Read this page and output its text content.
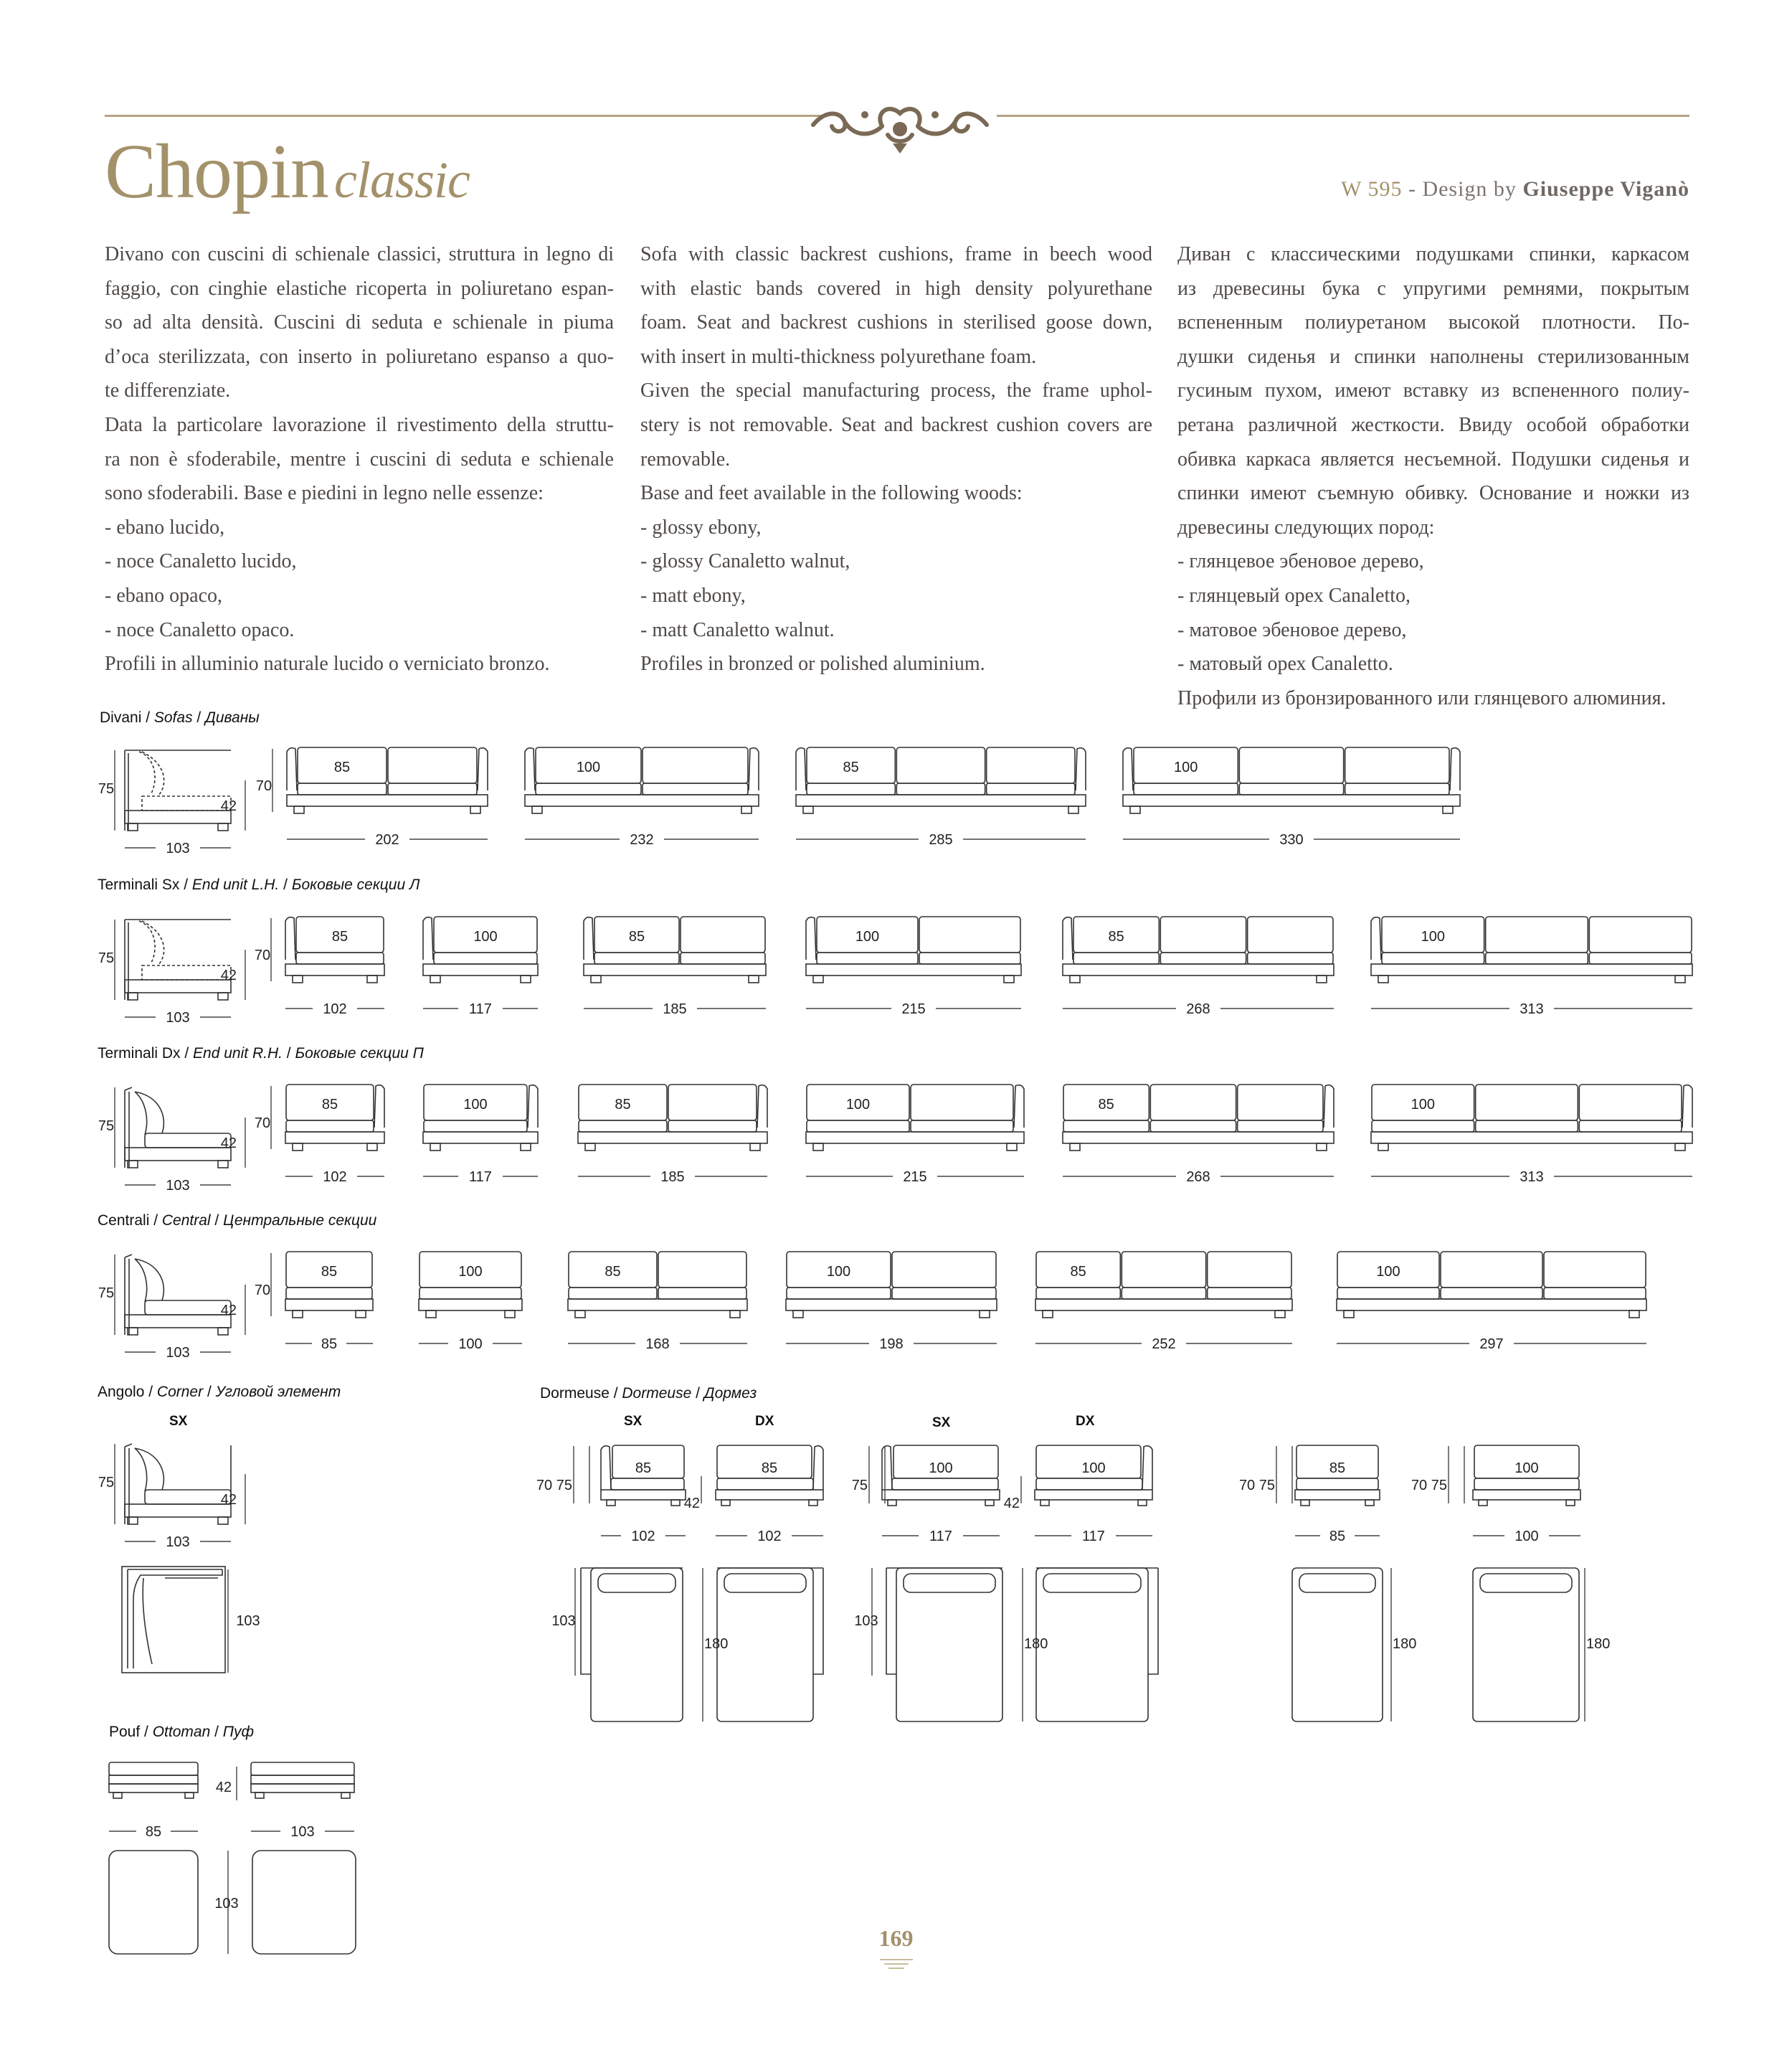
Chopin classic	W 595 - Design by Giuseppe Viganò

Divano con cuscini di schienale classici, struttura in legno di

faggio, con cinghie elastiche ricoperta in poliuretano espan-

so ad alta densità. Cuscini di seduta e schienale in piuma

d’oca sterilizzata, con inserto in poliuretano espanso a quo-

te differenziate.

Data la particolare lavorazione il rivestimento della struttu-

ra non è sfoderabile, mentre i cuscini di seduta e schienale

sono sfoderabili. Base e piedini in legno nelle essenze:

- ebano lucido,

- noce Canaletto lucido,

- ebano opaco,

- noce Canaletto opaco.

Profili in alluminio naturale lucido o verniciato bronzo.

Sofa with classic backrest cushions, frame in beech wood

with elastic bands covered in high density polyurethane

foam. Seat and backrest cushions in sterilised goose down,

with insert in multi-thickness polyurethane foam.

Given the special manufacturing process, the frame uphol-

stery is not removable. Seat and backrest cushion covers are

removable.

Base and feet available in the following woods:

- glossy ebony,

- glossy Canaletto walnut,

- matt ebony,

- matt Canaletto walnut.

Profiles in bronzed or polished aluminium.

Диван с классическими подушками спинки, каркасом

из древесины бука с упругими ремнями, покрытым

вспененным полиуретаном высокой плотности. По-

душки сиденья и спинки наполнены стерилизованным

гусиным пухом, имеют вставку из вспененного полиу-

ретана различной жесткости. Ввиду особой обработки

обивка каркаса является несъемной. Подушки сиденья и

спинки имеют съемную обивку. Основание и ножки из

древесины следующих пород:

- глянцевое эбеновое дерево,

- глянцевый орех Canaletto,

- матовое эбеновое дерево,

- матовый орех Canaletto.

Профили из бронзированного или глянцевого алюминия.

Divani / Sofas / Диваны
Terminali Sx / End unit L.H. / Боковые секции Л
Terminali Dx / End unit R.H. / Боковые секции П
Centrali / Central / Центральные секции
Angolo / Corner / Угловой элемент	Dormeuse / Dormeuse / Дормез
Pouf / Ottoman / Пуф
SX	SX	DX	SX	DX
75
42
103
85
202
70
100
232
85
285
100
330
75
42
103
85
102
70
100
117
85
185
100
215
85
268
100
313
75
42
103
85
102
70
100
117
85
185
100
215
85
268
100
313
75
42
103
85
85
70
100
100
85
168
100
198
85
252
100
297
75
42
103
103
85
102
85
102
100
117
100
117
85
85
100
100
70 75	75	70 75	70 75
42	42
103	103
180	180	180	180
85	103
42
103
169
